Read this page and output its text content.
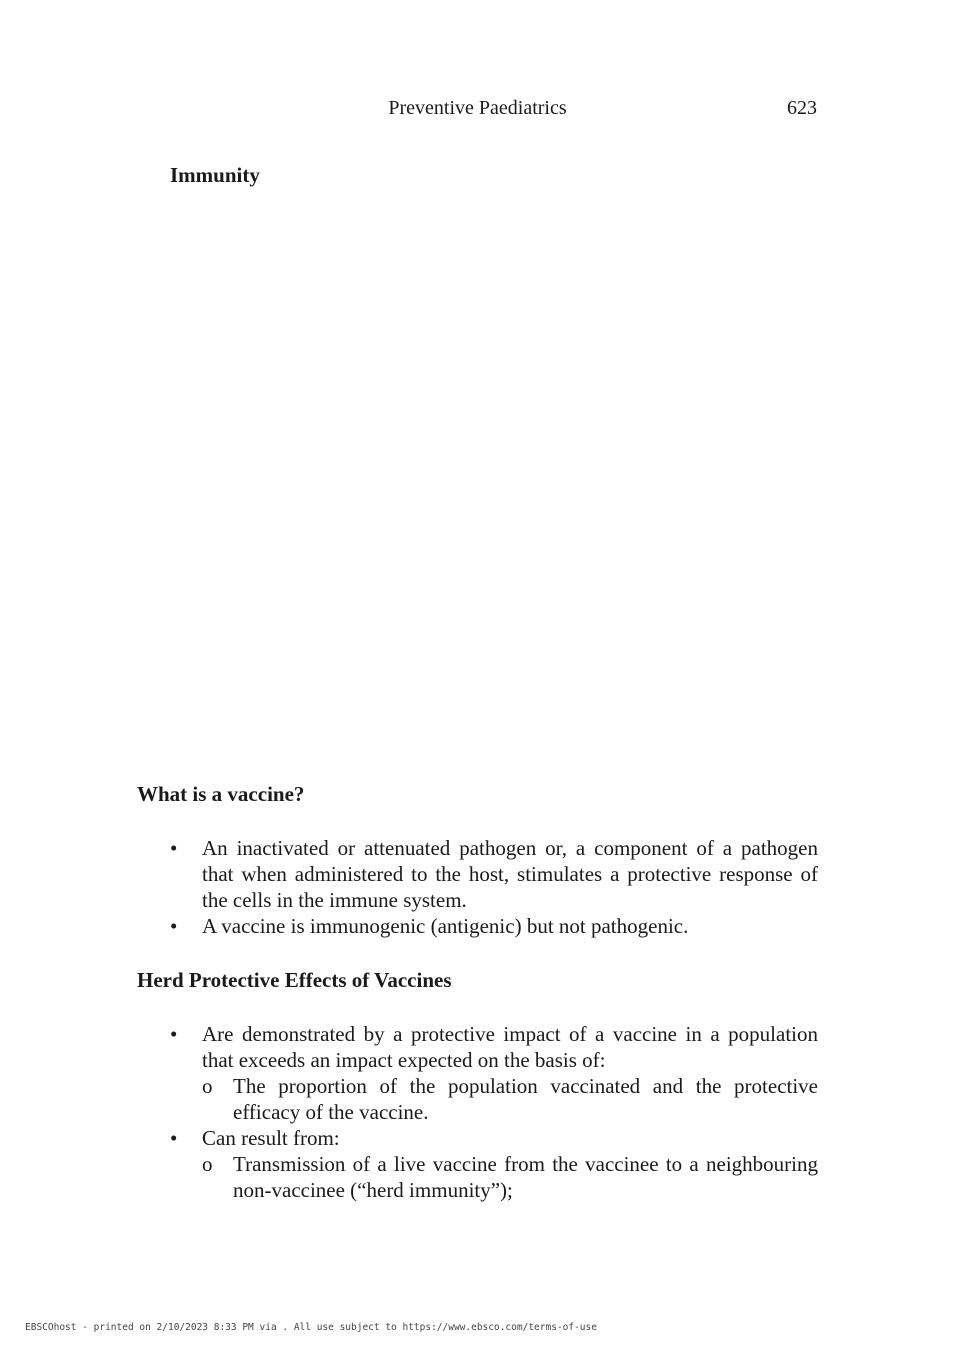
Preventive Paediatrics	623
Immunity
What is a vaccine?
• An inactivated or attenuated pathogen or, a component of a pathogen that when administered to the host, stimulates a protective response of the cells in the immune system.
• A vaccine is immunogenic (antigenic) but not pathogenic.
Herd Protective Effects of Vaccines
• Are demonstrated by a protective impact of a vaccine in a population that exceeds an impact expected on the basis of:
o The proportion of the population vaccinated and the protective efficacy of the vaccine.
• Can result from:
o Transmission of a live vaccine from the vaccinee to a neighbouring non-vaccinee (“herd immunity”);
EBSCOhost - printed on 2/10/2023 8:33 PM via . All use subject to https://www.ebsco.com/terms-of-use
